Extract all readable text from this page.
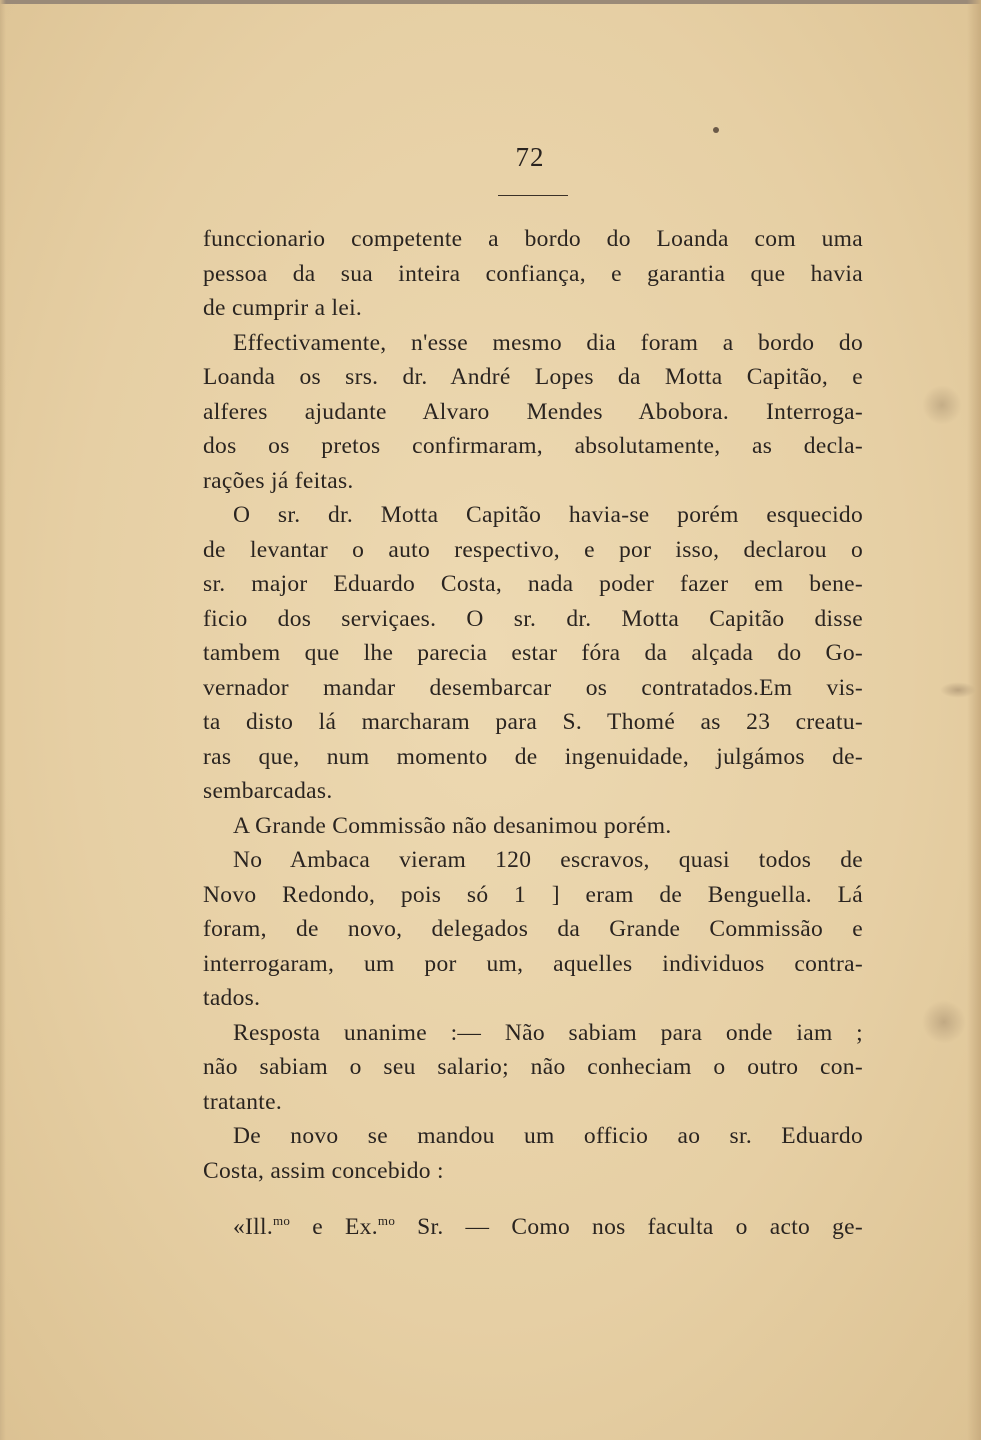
72
funccionario competente a bordo do Loanda com uma
pessoa da sua inteira confiança, e garantia que havia
de cumprir a lei.
Effectivamente, n'esse mesmo dia foram a bordo do
Loanda os srs. dr. André Lopes da Motta Capitão, e
alferes ajudante Alvaro Mendes Abobora. Interroga-
dos os pretos confirmaram, absolutamente, as decla-
rações já feitas.
O sr. dr. Motta Capitão havia-se porém esquecido
de levantar o auto respectivo, e por isso, declarou o
sr. major Eduardo Costa, nada poder fazer em bene-
ficio dos serviçaes. O sr. dr. Motta Capitão disse
tambem que lhe parecia estar fóra da alçada do Go-
vernador mandar desembarcar os contratados.Em vis-
ta disto lá marcharam para S. Thomé as 23 creatu-
ras que, num momento de ingenuidade, julgámos de-
sembarcadas.
A Grande Commissão não desanimou porém.
No Ambaca vieram 120 escravos, quasi todos de
Novo Redondo, pois só 1 ] eram de Benguella. Lá
foram, de novo, delegados da Grande Commissão e
interrogaram, um por um, aquelles individuos contra-
tados.
Resposta unanime :— Não sabiam para onde iam ;
não sabiam o seu salario; não conheciam o outro con-
tratante.
De novo se mandou um officio ao sr. Eduardo
Costa, assim concebido :
«Ill.$^{mo}$ e Ex.$^{mo}$ Sr. — Como nos faculta o acto ge-
